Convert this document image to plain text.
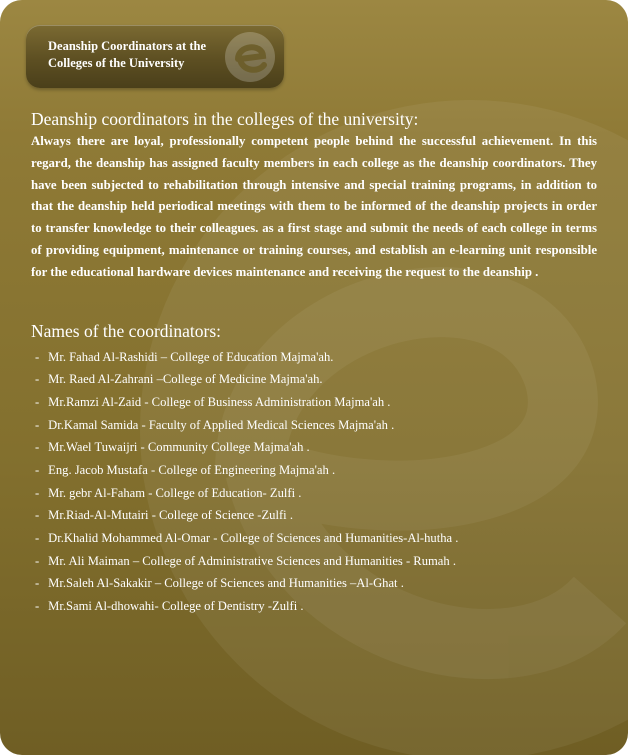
Deanship Coordinators at the Colleges of the University
Deanship coordinators in the colleges of the university:

Always there are loyal, professionally competent people behind the successful achievement. In this regard, the deanship has assigned faculty members in each college as the deanship coordinators. They have been subjected to rehabilitation through intensive and special training programs, in addition to that the deanship held periodical meetings with them to be informed of the deanship projects in order to transfer knowledge to their colleagues. as a first stage and submit the needs of each college in terms of providing equipment, maintenance or training courses, and establish an e-learning unit responsible for the educational hardware devices maintenance and receiving the request to the deanship .

Names of the coordinators:
- Mr. Fahad Al-Rashidi – College of Education Majma'ah.
- Mr. Raed Al-Zahrani –College of Medicine Majma'ah.
- Mr.Ramzi Al-Zaid - College of Business Administration Majma'ah .
- Dr.Kamal Samida - Faculty of Applied Medical Sciences Majma'ah .
- Mr.Wael Tuwaijri - Community College Majma'ah .
- Eng. Jacob Mustafa - College of Engineering Majma'ah .
- Mr. gebr Al-Faham - College of Education- Zulfi .
- Mr.Riad-Al-Mutairi - College of Science -Zulfi .
- Dr.Khalid Mohammed Al-Omar - College of Sciences and Humanities-Al-hutha .
- Mr. Ali Maiman – College of Administrative Sciences and Humanities - Rumah .
- Mr.Saleh Al-Sakakir – College of Sciences and Humanities –Al-Ghat .
- Mr.Sami Al-dhowahi- College of Dentistry -Zulfi .
